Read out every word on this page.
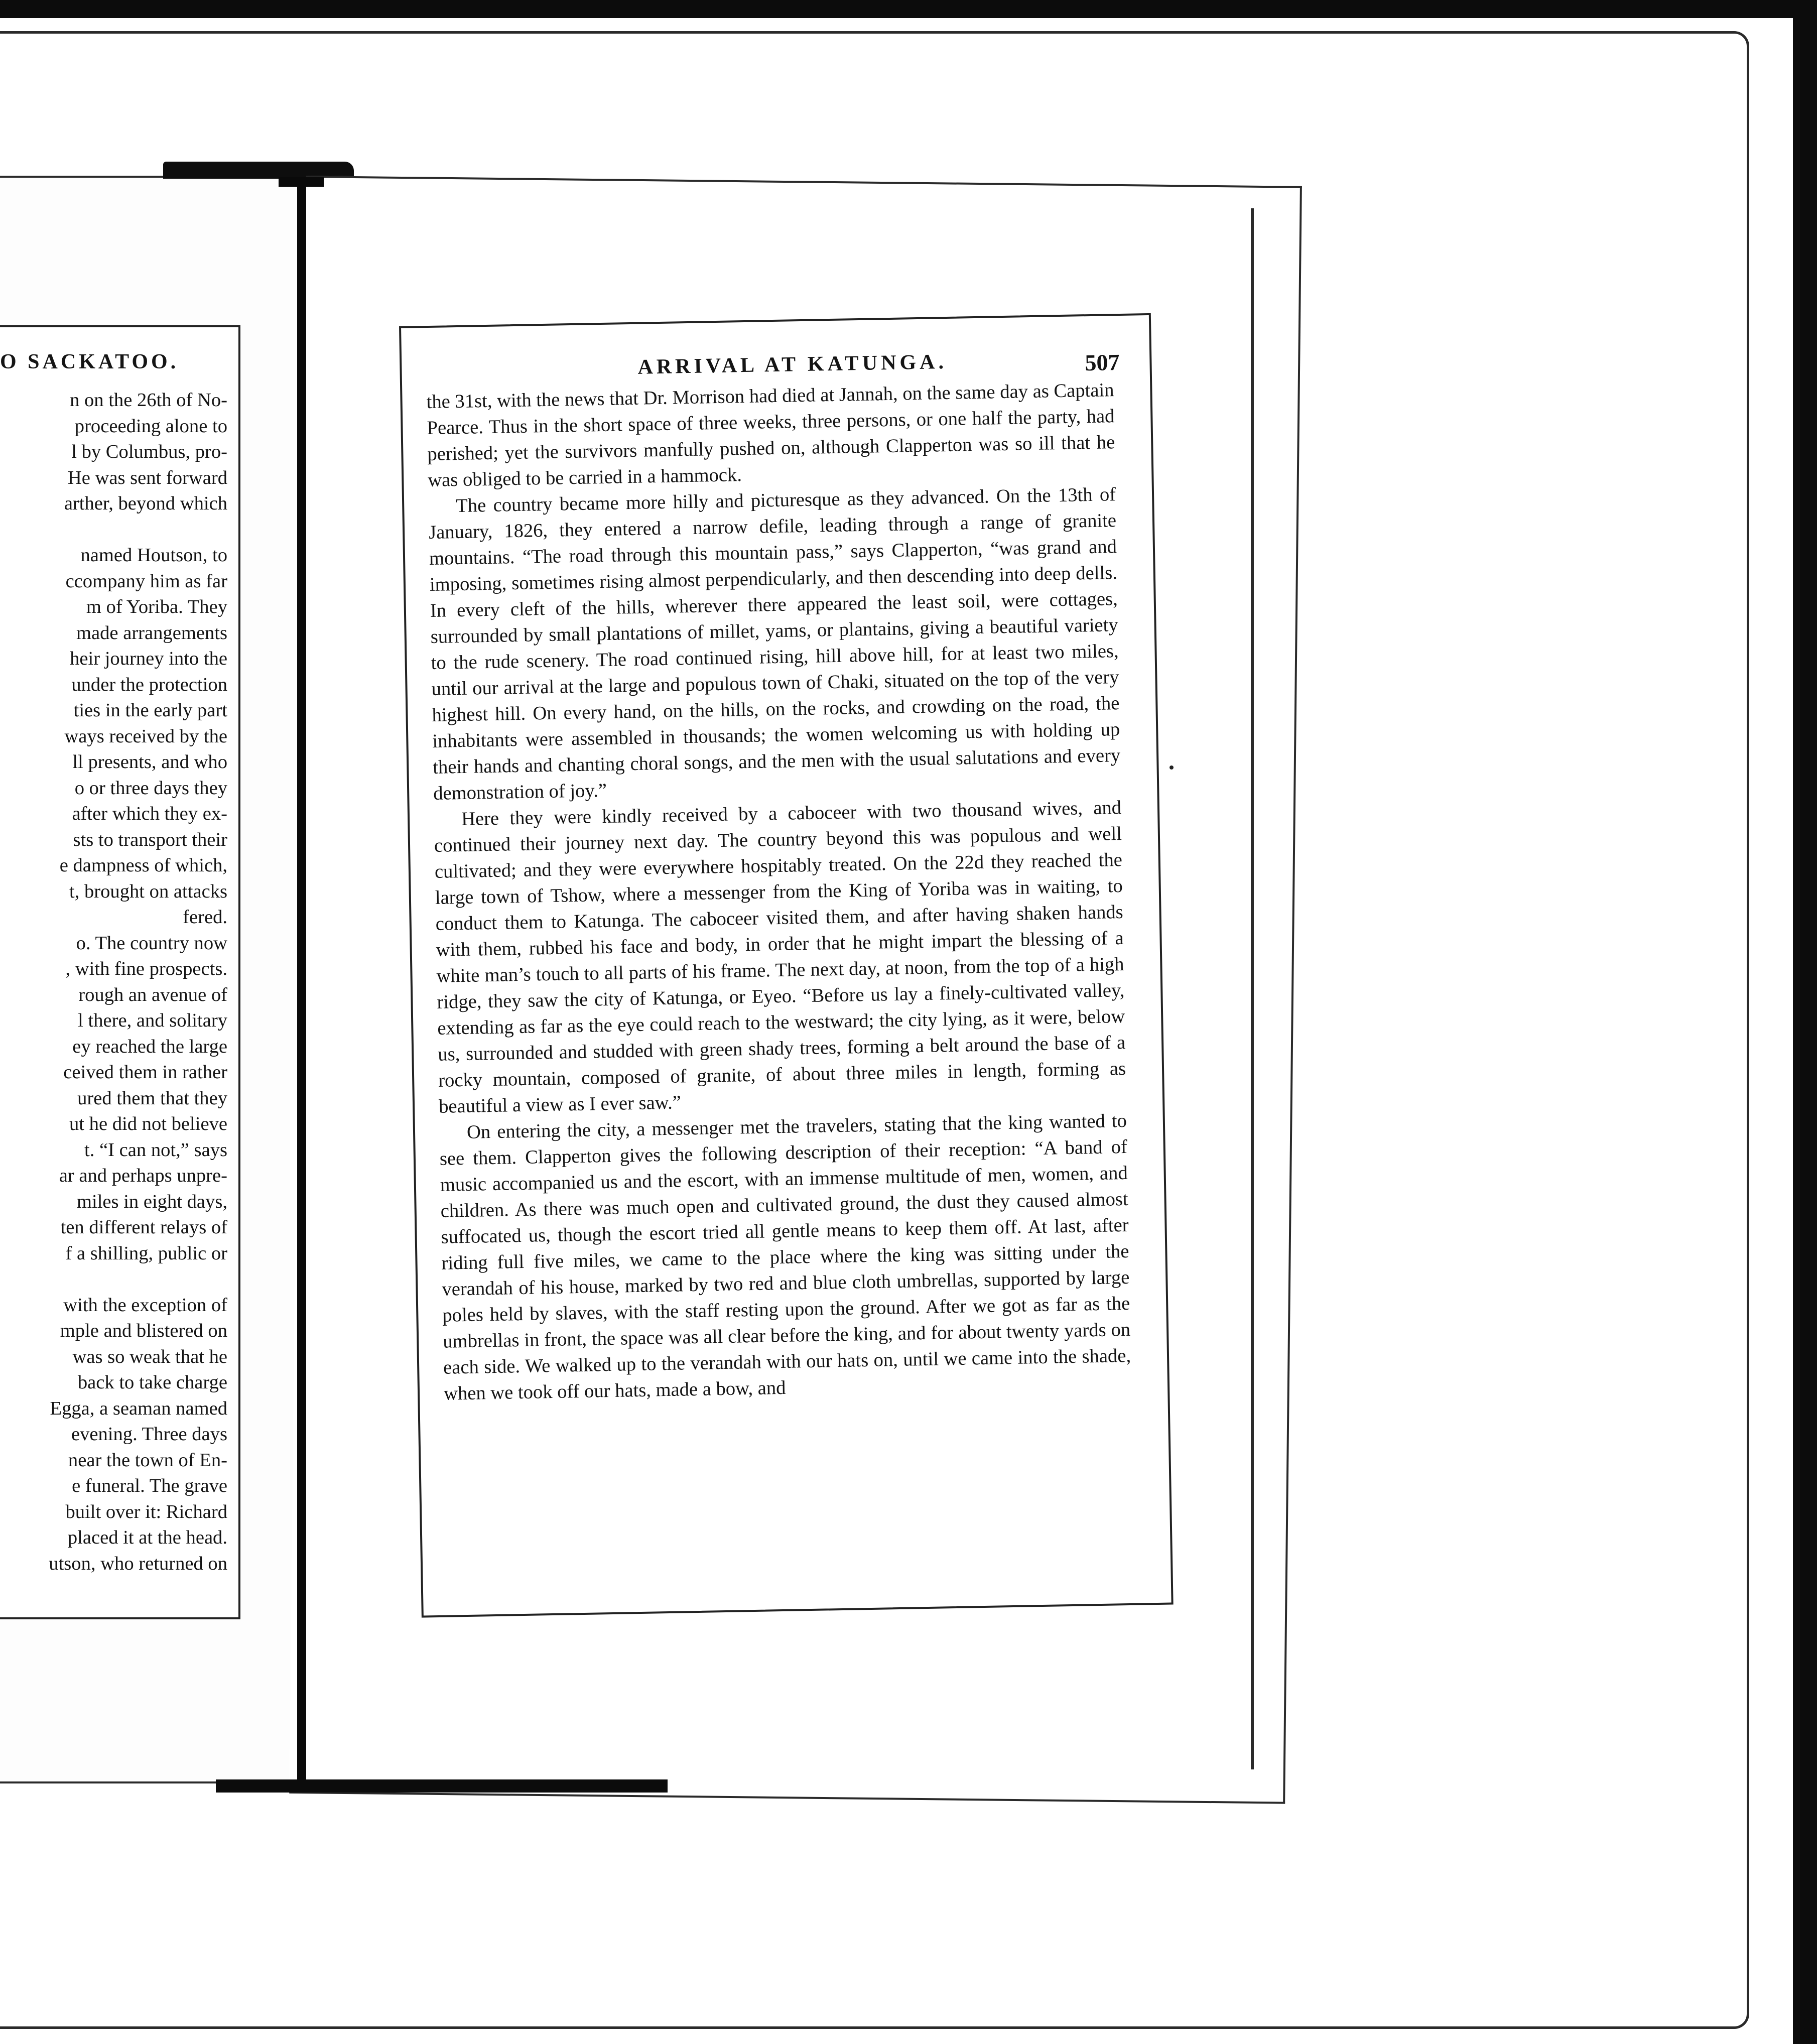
O SACKATOO.
n on the 26th of No-
proceeding alone to
l by Columbus, pro-
He was sent forward
arther, beyond which

named Houtson, to
ccompany him as far
m of Yoriba. They
made arrangements
heir journey into the
under the protection
ties in the early part
ways received by the
ll presents, and who
o or three days they
after which they ex-
sts to transport their
e dampness of which,
t, brought on attacks
fered.
o. The country now
, with fine prospects.
rough an avenue of
l there, and solitary
ey reached the large
ceived them in rather
ured them that they
ut he did not believe
t. “I can not,” says
ar and perhaps unpre-
miles in eight days,
ten different relays of
f a shilling, public or

with the exception of
mple and blistered on
was so weak that he
back to take charge
Egga, a seaman named
evening. Three days
near the town of En-
e funeral. The grave
built over it: Richard
placed it at the head.
utson, who returned on
ARRIVAL AT KATUNGA.	507

the 31st, with the news that Dr. Morrison had died at Jannah, on the same day as Captain Pearce. Thus in the short space of three weeks, three persons, or one half the party, had perished; yet the survivors manfully pushed on, although Clapperton was so ill that he was obliged to be carried in a hammock.

The country became more hilly and picturesque as they advanced. On the 13th of January, 1826, they entered a narrow defile, leading through a range of granite mountains. “The road through this mountain pass,” says Clapperton, “was grand and imposing, sometimes rising almost perpendicularly, and then descending into deep dells. In every cleft of the hills, wherever there appeared the least soil, were cottages, surrounded by small plantations of millet, yams, or plantains, giving a beautiful variety to the rude scenery. The road continued rising, hill above hill, for at least two miles, until our arrival at the large and populous town of Chaki, situated on the top of the very highest hill. On every hand, on the hills, on the rocks, and crowding on the road, the inhabitants were assembled in thousands; the women welcoming us with holding up their hands and chanting choral songs, and the men with the usual salutations and every demonstration of joy.”

Here they were kindly received by a caboceer with two thousand wives, and continued their journey next day. The country beyond this was populous and well cultivated; and they were everywhere hospitably treated. On the 22d they reached the large town of Tshow, where a messenger from the King of Yoriba was in waiting, to conduct them to Katunga. The caboceer visited them, and after having shaken hands with them, rubbed his face and body, in order that he might impart the blessing of a white man’s touch to all parts of his frame. The next day, at noon, from the top of a high ridge, they saw the city of Katunga, or Eyeo. “Before us lay a finely-cultivated valley, extending as far as the eye could reach to the westward; the city lying, as it were, below us, surrounded and studded with green shady trees, forming a belt around the base of a rocky mountain, composed of granite, of about three miles in length, forming as beautiful a view as I ever saw.”

On entering the city, a messenger met the travelers, stating that the king wanted to see them. Clapperton gives the following description of their reception: “A band of music accompanied us and the escort, with an immense multitude of men, women, and children. As there was much open and cultivated ground, the dust they caused almost suffocated us, though the escort tried all gentle means to keep them off. At last, after riding full five miles, we came to the place where the king was sitting under the verandah of his house, marked by two red and blue cloth umbrellas, supported by large poles held by slaves, with the staff resting upon the ground. After we got as far as the umbrellas in front, the space was all clear before the king, and for about twenty yards on each side. We walked up to the verandah with our hats on, until we came into the shade, when we took off our hats, made a bow, and
